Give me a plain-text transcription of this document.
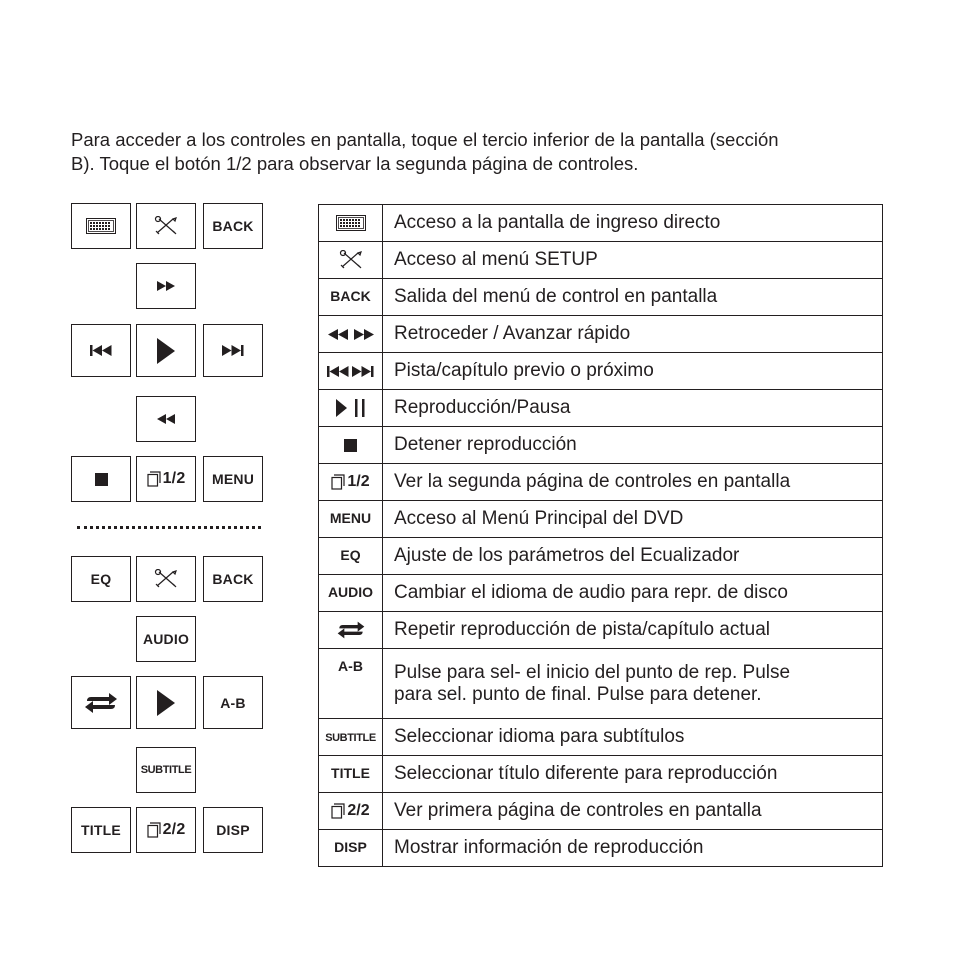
Para acceder a los controles en pantalla, toque el tercio inferior de la pantalla (sección
B). Toque el botón 1/2 para observar la segunda página de controles.
BACK
1/2 MENU
EQ	BACK
AUDIO
A-B
SUBTITLE
TITLE	2/2 DISP
	Acceso a la pantalla de ingreso directo

	Acceso al menú SETUP
BACK	Salida del menú de control en pantalla

	Retroceder / Avanzar rápido

	Pista/capítulo previo o próximo

	Reproducción/Pausa

	Detener reproducción

1/2	Ver la segunda página de controles en pantalla
MENU	Acceso al Menú Principal del DVD
EQ	Ajuste de los parámetros del Ecualizador
AUDIO	Cambiar el idioma de audio para repr. de disco

	Repetir reproducción de pista/capítulo actual
A-B	Pulse para sel- el inicio del punto de rep. Pulse
para sel. punto de final. Pulse para detener.

SUBTITLE	Seleccionar idioma para subtítulos
TITLE	Seleccionar título diferente para reproducción

2/2	Ver primera página de controles en pantalla
DISP	Mostrar información de reproducción
